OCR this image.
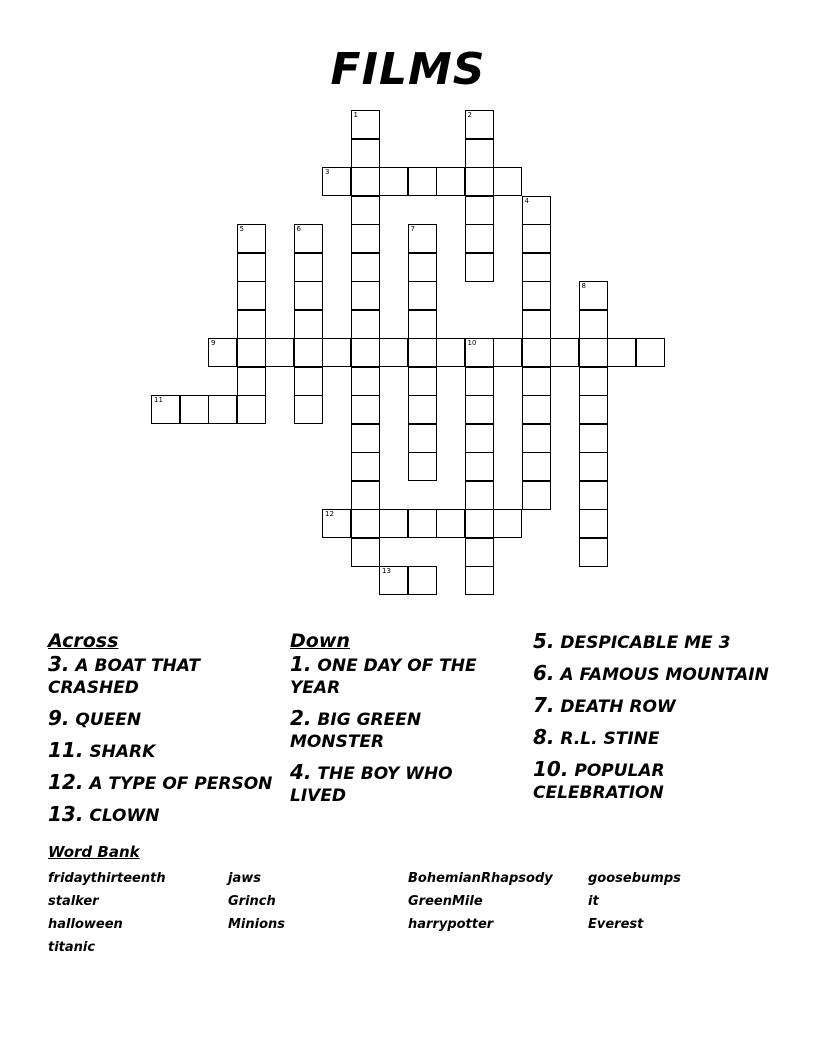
FILMS
1	2
3
4
5	6	7
8
9	10
11
12
13
Across
3. A BOAT THAT CRASHED
9. QUEEN
11. SHARK
12. A TYPE OF PERSON
13. CLOWN
Down
1. ONE DAY OF THE YEAR
2. BIG GREEN MONSTER
4. THE BOY WHO LIVED
5. DESPICABLE ME 3
6. A FAMOUS MOUNTAIN
7. DEATH ROW
8. R.L. STINE
10. POPULAR CELEBRATION
Word Bank
fridaythirteenth
stalker
halloween
titanic
jaws
Grinch
Minions
BohemianRhapsody
GreenMile
harrypotter
goosebumps
it
Everest
